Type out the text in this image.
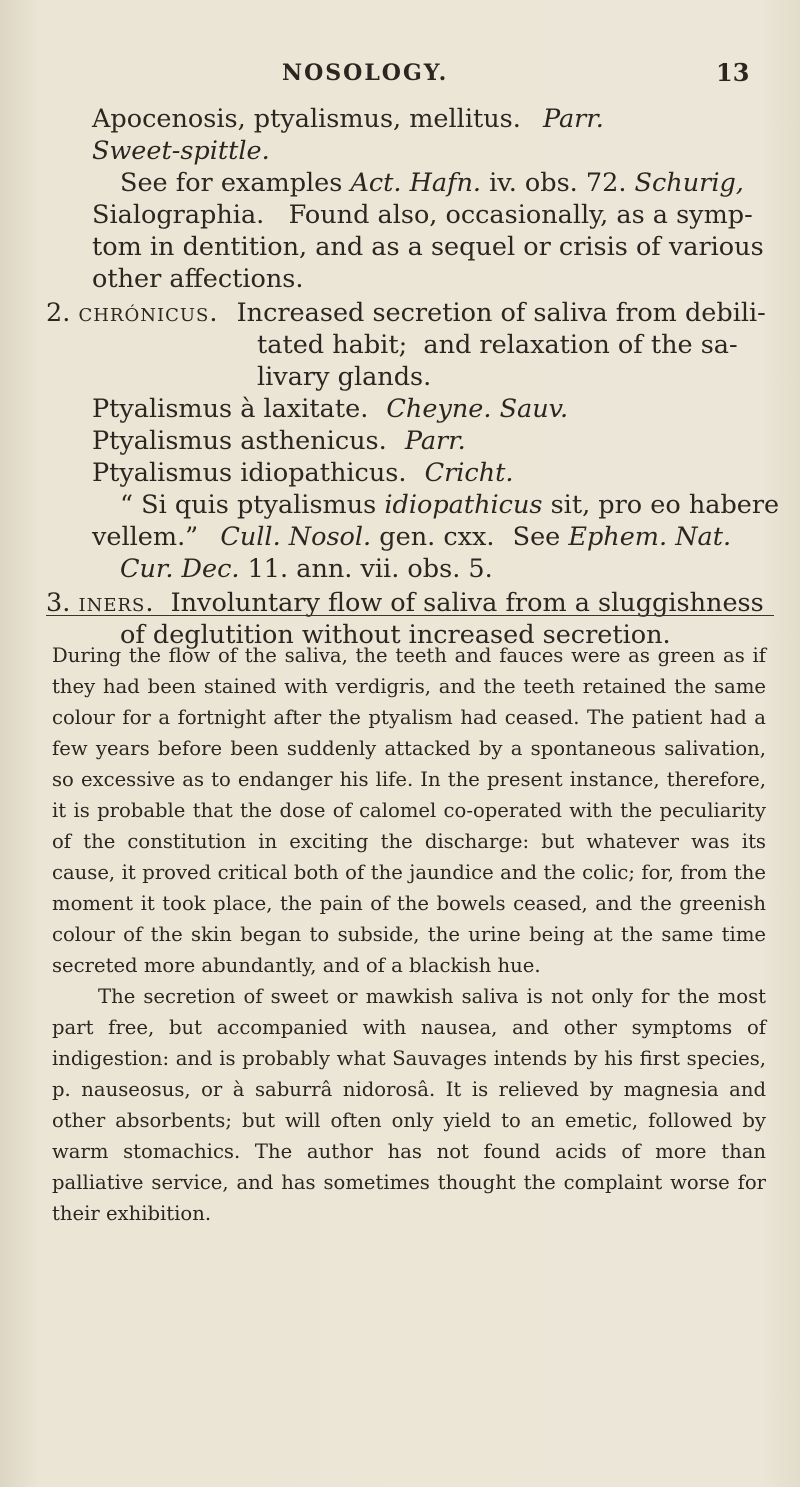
NOSOLOGY.	13
Apocenosis, ptyalismus, mellitus. Parr.
Sweet-spittle.
See for examples Act. Hafn. iv. obs. 72. Schurig,
Sialographia.   Found also, occasionally, as a symp-
tom in dentition, and as a sequel or crisis of various
other affections.
2. chrónicus. Increased secretion of saliva from debili-
tated habit;  and relaxation of the sa-
livary glands.
Ptyalismus à laxitate. Cheyne. Sauv.
Ptyalismus asthenicus. Parr.
Ptyalismus idiopathicus. Cricht.
“ Si quis ptyalismus idiopathicus sit, pro eo habere
vellem.” Cull. Nosol. gen. cxx. See Ephem. Nat.
Cur. Dec. 11. ann. vii. obs. 5.
3. iners. Involuntary flow of saliva from a sluggishness
of deglutition without increased secretion.

During the flow of the saliva, the teeth and fauces were as green as if they had been stained with verdigris, and the teeth retained the same colour for a fortnight after the ptyalism had ceased. The patient had a few years before been suddenly attacked by a spontaneous salivation, so excessive as to endanger his life. In the present instance, therefore, it is probable that the dose of calomel co-operated with the peculiarity of the constitution in exciting the discharge: but whatever was its cause, it proved critical both of the jaundice and the colic; for, from the moment it took place, the pain of the bowels ceased, and the greenish colour of the skin began to subside, the urine being at the same time secreted more abundantly, and of a blackish hue.

The secretion of sweet or mawkish saliva is not only for the most part free, but accompanied with nausea, and other symptoms of indigestion: and is probably what Sauvages intends by his first species, p. nauseosus, or à saburrâ nidorosâ. It is relieved by magnesia and other absorbents; but will often only yield to an emetic, followed by warm stomachics. The author has not found acids of more than palliative service, and has sometimes thought the complaint worse for their exhibition.
